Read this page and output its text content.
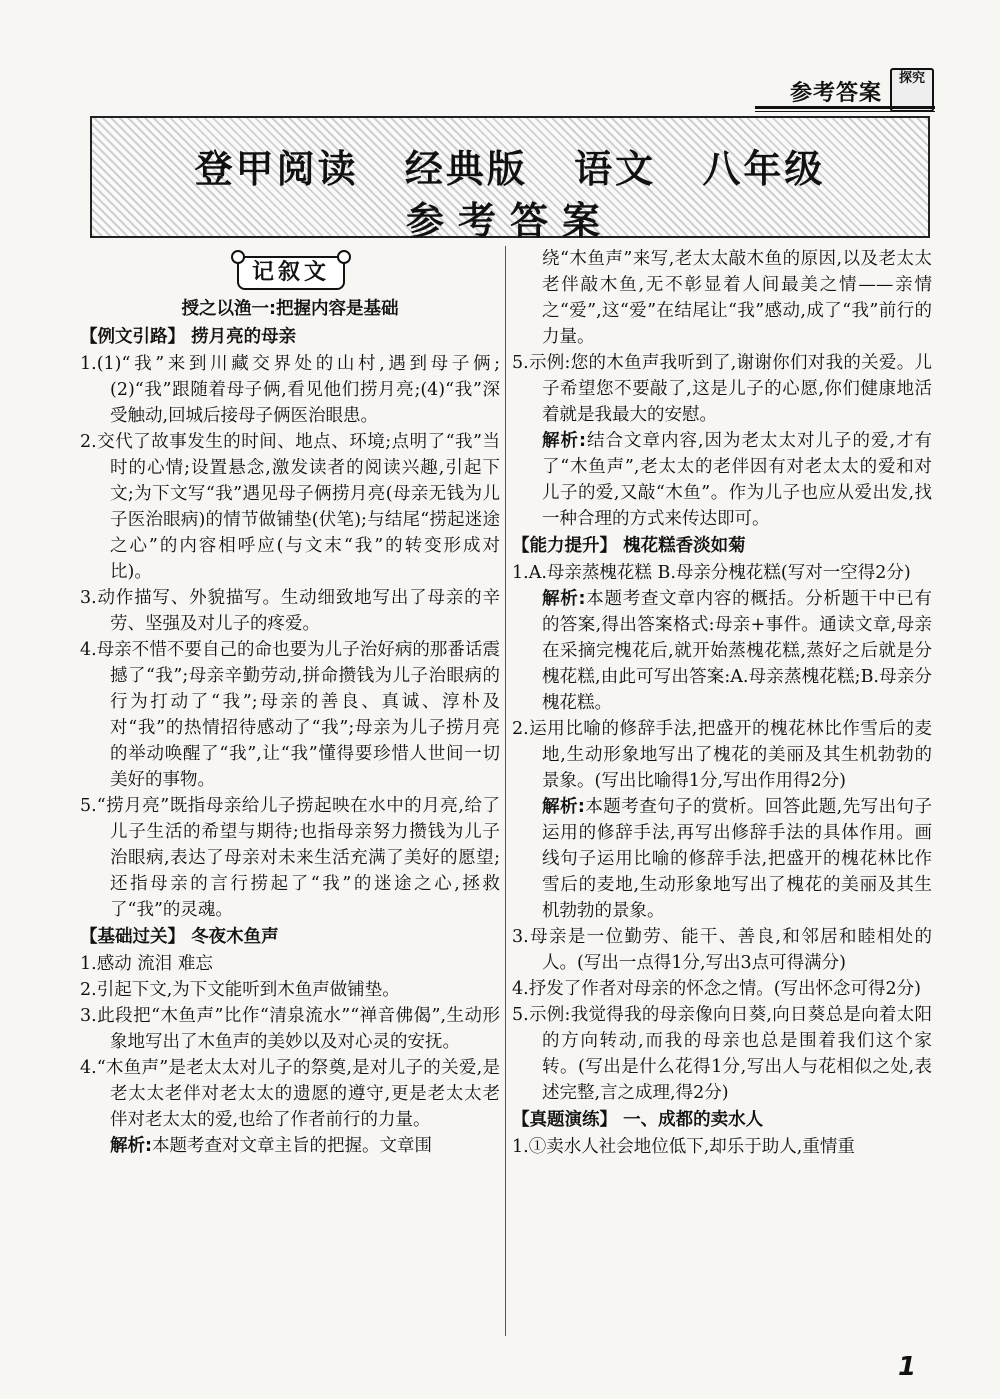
参考答案
探究
登甲阅读 经典版 语文 八年级
参考答案
记叙文
授之以渔一:把握内容是基础
【例文引路】 捞月亮的母亲

1.(1)“我”来到川藏交界处的山村,遇到母子俩;(2)“我”跟随着母子俩,看见他们捞月亮;(4)“我”深受触动,回城后接母子俩医治眼患。

2.交代了故事发生的时间、地点、环境;点明了“我”当时的心情;设置悬念,激发读者的阅读兴趣,引起下文;为下文写“我”遇见母子俩捞月亮(母亲无钱为儿子医治眼病)的情节做铺垫(伏笔);与结尾“捞起迷途之心”的内容相呼应(与文末“我”的转变形成对比)。

3.动作描写、外貌描写。生动细致地写出了母亲的辛劳、坚强及对儿子的疼爱。

4.母亲不惜不要自己的命也要为儿子治好病的那番话震撼了“我”;母亲辛勤劳动,拼命攒钱为儿子治眼病的行为打动了“我”;母亲的善良、真诚、淳朴及对“我”的热情招待感动了“我”;母亲为儿子捞月亮的举动唤醒了“我”,让“我”懂得要珍惜人世间一切美好的事物。

5.“捞月亮”既指母亲给儿子捞起映在水中的月亮,给了儿子生活的希望与期待;也指母亲努力攒钱为儿子治眼病,表达了母亲对未来生活充满了美好的愿望;还指母亲的言行捞起了“我”的迷途之心,拯救了“我”的灵魂。

【基础过关】 冬夜木鱼声

1.感动 流泪 难忘

2.引起下文,为下文能听到木鱼声做铺垫。

3.此段把“木鱼声”比作“清泉流水”“禅音佛偈”,生动形象地写出了木鱼声的美妙以及对心灵的安抚。

4.“木鱼声”是老太太对儿子的祭奠,是对儿子的关爱,是老太太老伴对老太太的遗愿的遵守,更是老太太老伴对老太太的爱,也给了作者前行的力量。

解析:本题考查对文章主旨的把握。文章围

绕“木鱼声”来写,老太太敲木鱼的原因,以及老太太老伴敲木鱼,无不彰显着人间最美之情——亲情之“爱”,这“爱”在结尾让“我”感动,成了“我”前行的力量。

5.示例:您的木鱼声我听到了,谢谢你们对我的关爱。儿子希望您不要敲了,这是儿子的心愿,你们健康地活着就是我最大的安慰。

解析:结合文章内容,因为老太太对儿子的爱,才有了“木鱼声”,老太太的老伴因有对老太太的爱和对儿子的爱,又敲“木鱼”。作为儿子也应从爱出发,找一种合理的方式来传达即可。

【能力提升】 槐花糕香淡如菊

1.A.母亲蒸槐花糕 B.母亲分槐花糕(写对一空得2分)

解析:本题考查文章内容的概括。分析题干中已有的答案,得出答案格式:母亲+事件。通读文章,母亲在采摘完槐花后,就开始蒸槐花糕,蒸好之后就是分槐花糕,由此可写出答案:A.母亲蒸槐花糕;B.母亲分槐花糕。

2.运用比喻的修辞手法,把盛开的槐花林比作雪后的麦地,生动形象地写出了槐花的美丽及其生机勃勃的景象。(写出比喻得1分,写出作用得2分)

解析:本题考查句子的赏析。回答此题,先写出句子运用的修辞手法,再写出修辞手法的具体作用。画线句子运用比喻的修辞手法,把盛开的槐花林比作雪后的麦地,生动形象地写出了槐花的美丽及其生机勃勃的景象。

3.母亲是一位勤劳、能干、善良,和邻居和睦相处的人。(写出一点得1分,写出3点可得满分)

4.抒发了作者对母亲的怀念之情。(写出怀念可得2分)

5.示例:我觉得我的母亲像向日葵,向日葵总是向着太阳的方向转动,而我的母亲也总是围着我们这个家转。(写出是什么花得1分,写出人与花相似之处,表述完整,言之成理,得2分)

【真题演练】 一、成都的卖水人

1.①卖水人社会地位低下,却乐于助人,重情重

1
